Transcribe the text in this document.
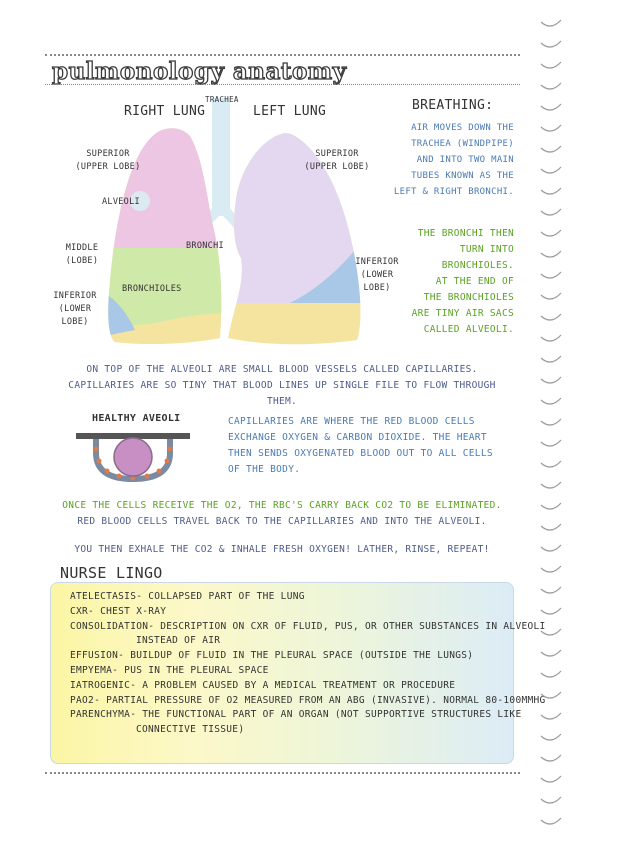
pulmonology anatomy
TRACHEA
RIGHT LUNG	LEFT LUNG
SUPERIOR
(UPPER LOBE)
ALVEOLI
MIDDLE
(LOBE)
INFERIOR
(LOWER
LOBE)
BRONCHIOLES
BRONCHI
SUPERIOR
(UPPER LOBE)
INFERIOR
(LOWER
LOBE)
BREATHING:
AIR MOVES DOWN THE
TRACHEA (WINDPIPE)
AND INTO TWO MAIN
TUBES KNOWN AS THE
LEFT & RIGHT BRONCHI.
THE BRONCHI THEN
TURN INTO
BRONCHIOLES.
AT THE END OF
THE BRONCHIOLES
ARE TINY AIR SACS
CALLED ALVEOLI.
ON TOP OF THE ALVEOLI ARE SMALL BLOOD VESSELS CALLED CAPILLARIES.
CAPILLARIES ARE SO TINY THAT BLOOD LINES UP SINGLE FILE TO FLOW THROUGH THEM.
HEALTHY AVEOLI	CAPILLARIES ARE WHERE THE RED BLOOD CELLS
EXCHANGE OXYGEN & CARBON DIOXIDE. THE HEART
THEN SENDS OXYGENATED BLOOD OUT TO ALL CELLS
OF THE BODY.
ONCE THE CELLS RECEIVE THE O2, THE RBC'S CARRY BACK CO2 TO BE ELIMINATED.
RED BLOOD CELLS TRAVEL BACK TO THE CAPILLARIES AND INTO THE ALVEOLI.
YOU THEN EXHALE THE CO2 & INHALE FRESH OXYGEN! LATHER, RINSE, REPEAT!
NURSE LINGO
ATELECTASIS- COLLAPSED PART OF THE LUNG
CXR- CHEST X-RAY
CONSOLIDATION- DESCRIPTION ON CXR OF FLUID, PUS, OR OTHER SUBSTANCES IN ALVEOLI
INSTEAD OF AIR
EFFUSION- BUILDUP OF FLUID IN THE PLEURAL SPACE (OUTSIDE THE LUNGS)
EMPYEMA- PUS IN THE PLEURAL SPACE
IATROGENIC- A PROBLEM CAUSED BY A MEDICAL TREATMENT OR PROCEDURE
PAO2- PARTIAL PRESSURE OF O2 MEASURED FROM AN ABG (INVASIVE). NORMAL 80-100MMHG
PARENCHYMA- THE FUNCTIONAL PART OF AN ORGAN (NOT SUPPORTIVE STRUCTURES LIKE
CONNECTIVE TISSUE)
